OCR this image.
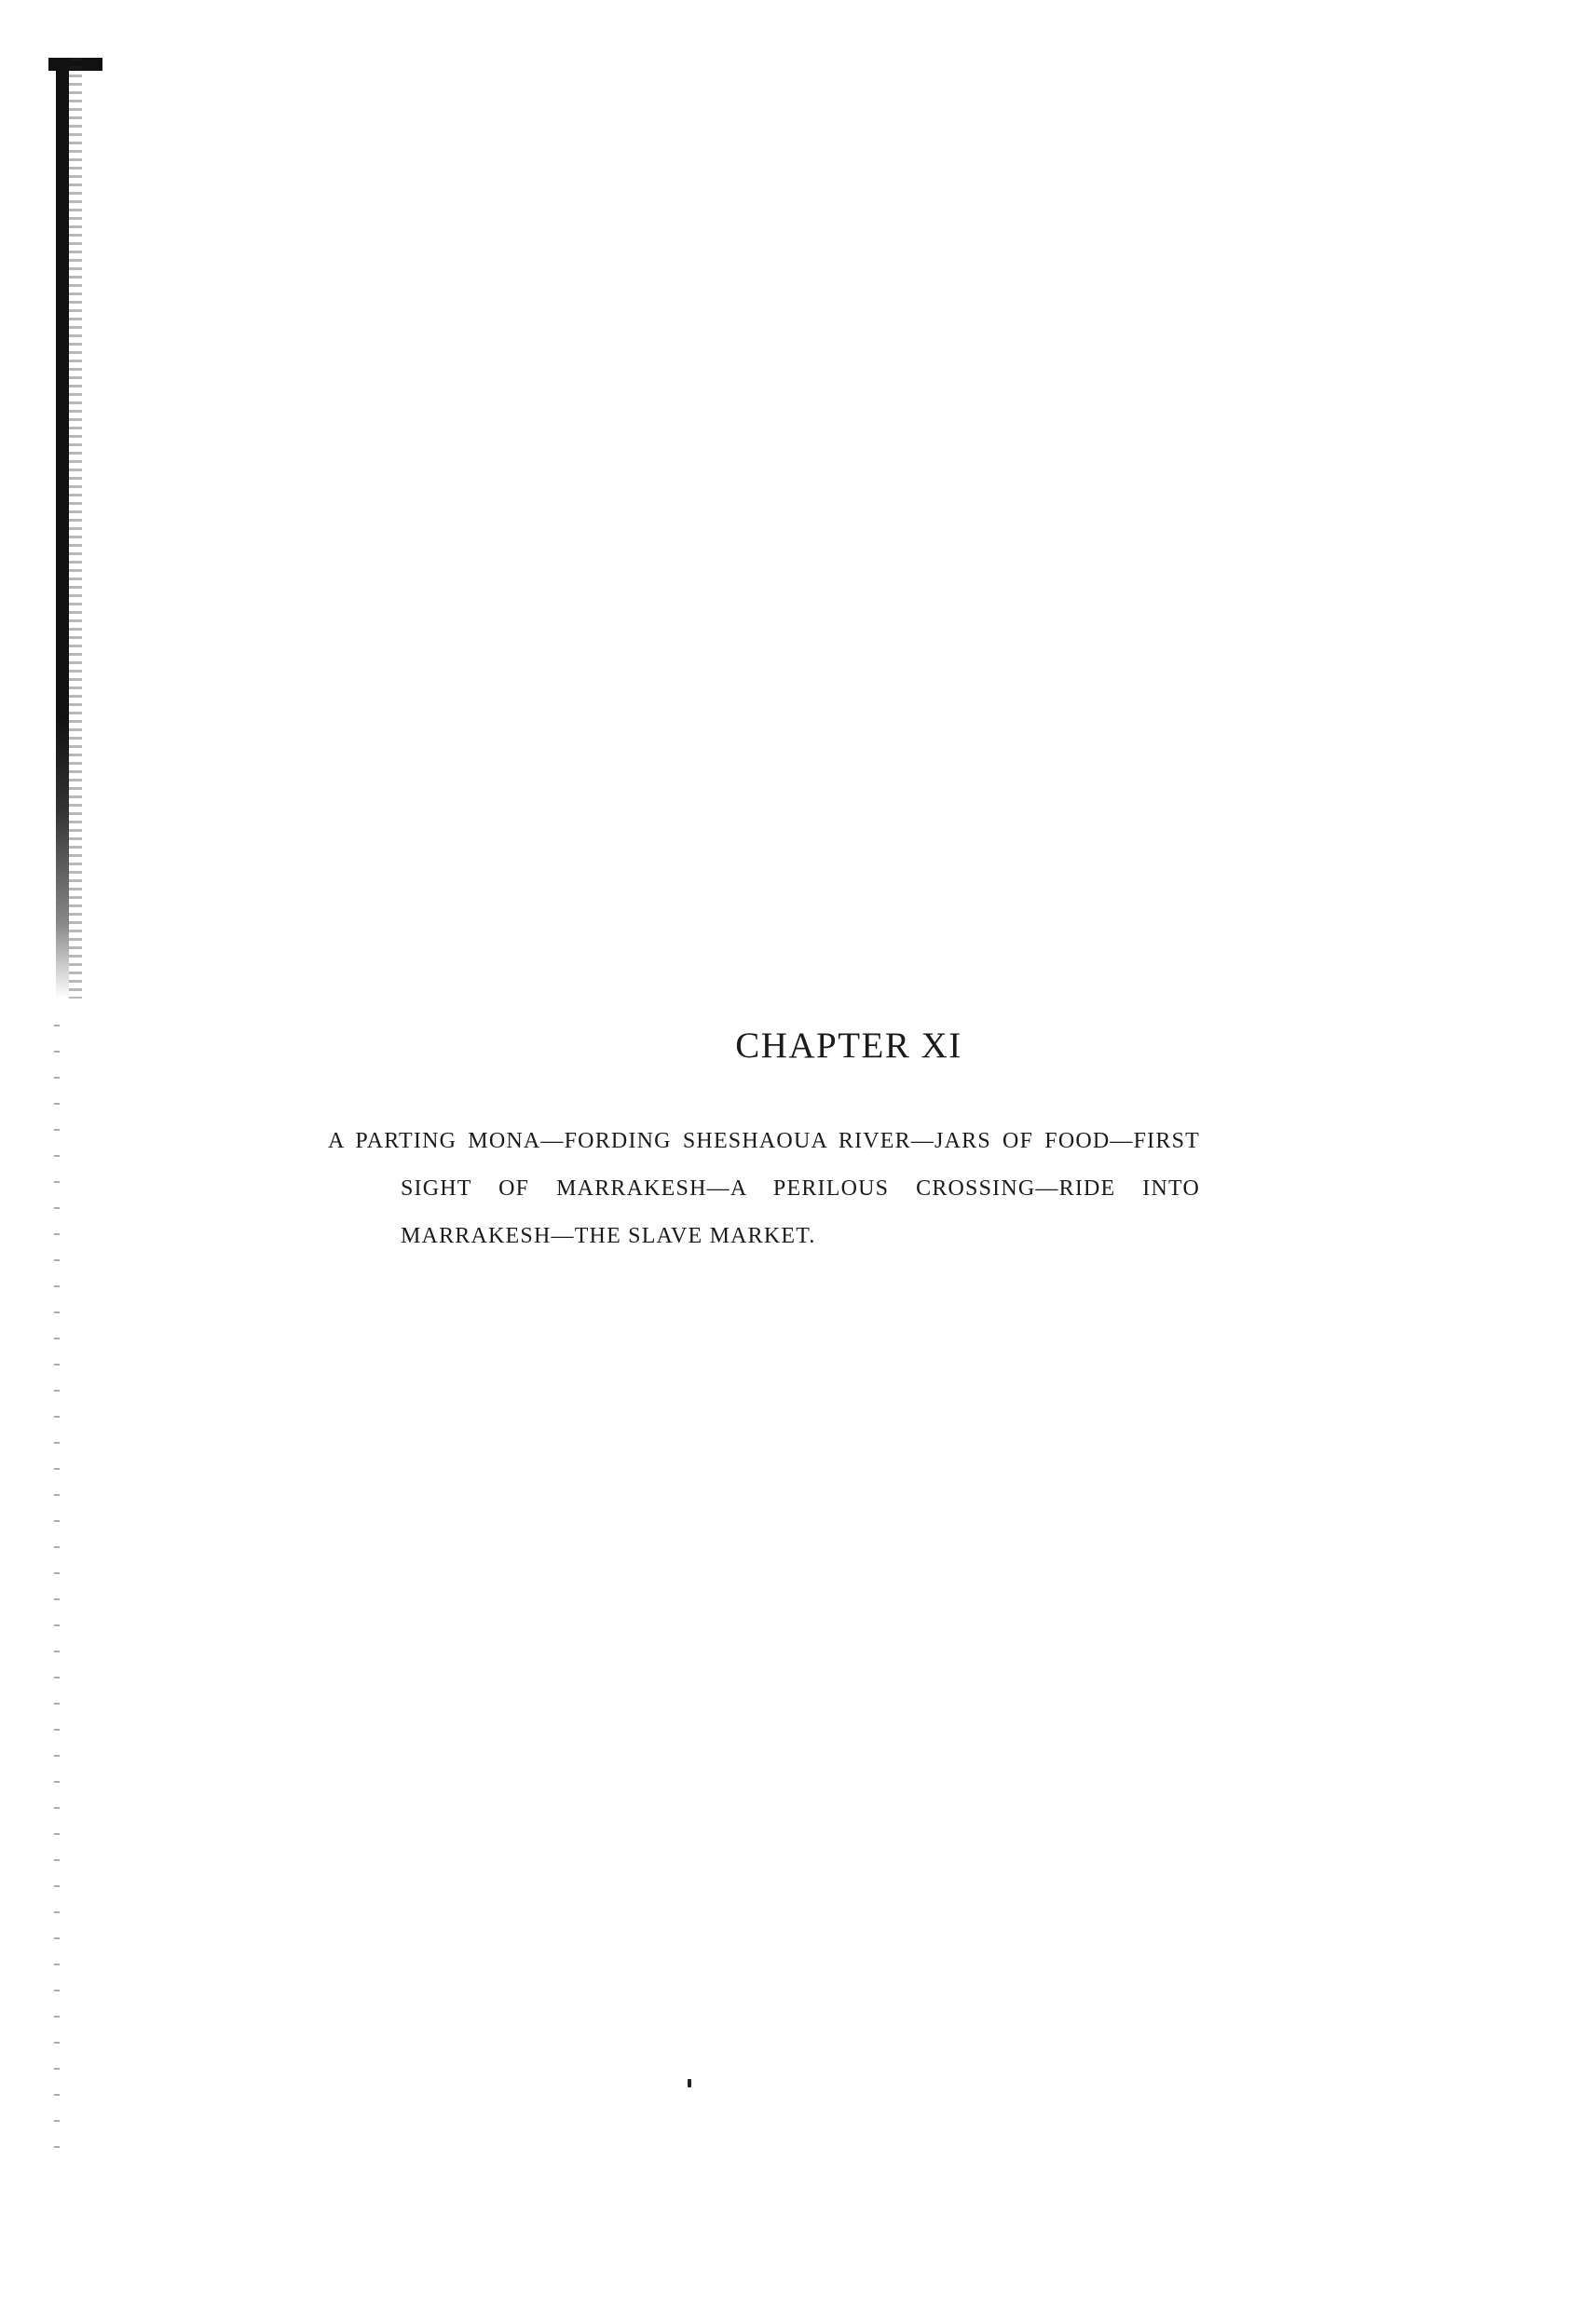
CHAPTER XI

A PARTING MONA—FORDING SHESHAOUA RIVER—JARS OF FOOD—FIRST SIGHT OF MARRAKESH—A PERILOUS CROSSING—RIDE INTO MARRAKESH—THE SLAVE MARKET.
